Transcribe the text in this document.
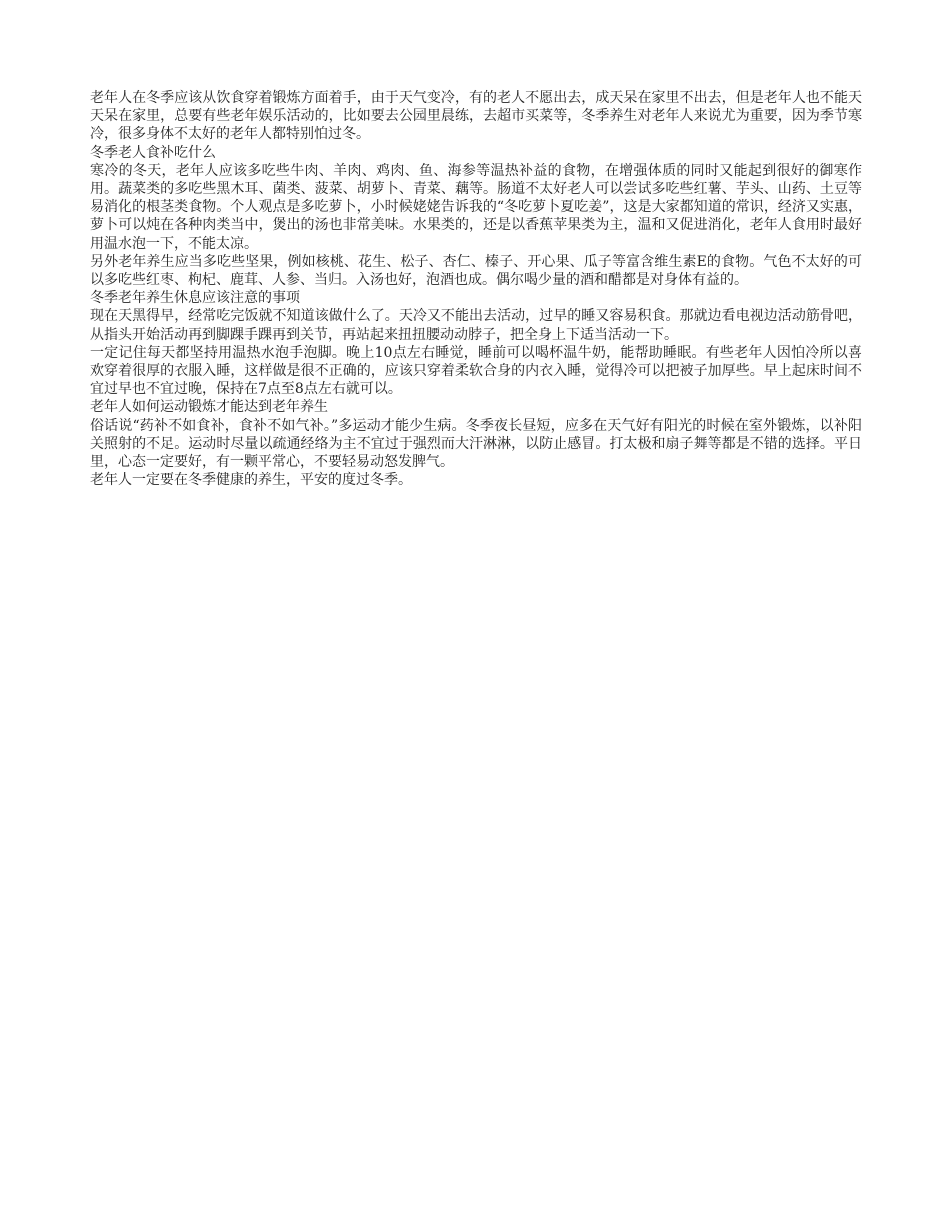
老年人在冬季应该从饮食穿着锻炼方面着手，由于天气变冷，有的老人不愿出去，成天呆在家里不出去，但是老年人也不能天天呆在家里，总要有些老年娱乐活动的，比如要去公园里晨练，去超市买菜等，冬季养生对老年人来说尤为重要，因为季节寒冷，很多身体不太好的老年人都特别怕过冬。

冬季老人食补吃什么

寒冷的冬天，老年人应该多吃些牛肉、羊肉、鸡肉、鱼、海参等温热补益的食物，在增强体质的同时又能起到很好的御寒作用。蔬菜类的多吃些黑木耳、菌类、菠菜、胡萝卜、青菜、藕等。肠道不太好老人可以尝试多吃些红薯、芋头、山药、土豆等易消化的根茎类食物。个人观点是多吃萝卜，小时候姥姥告诉我的“冬吃萝卜夏吃姜”，这是大家都知道的常识，经济又实惠，萝卜可以炖在各种肉类当中，煲出的汤也非常美味。水果类的，还是以香蕉苹果类为主，温和又促进消化，老年人食用时最好用温水泡一下，不能太凉。

另外老年养生应当多吃些坚果，例如核桃、花生、松子、杏仁、榛子、开心果、瓜子等富含维生素E的食物。气色不太好的可以多吃些红枣、枸杞、鹿茸、人参、当归。入汤也好，泡酒也成。偶尔喝少量的酒和醋都是对身体有益的。

冬季老年养生休息应该注意的事项

现在天黑得早，经常吃完饭就不知道该做什么了。天冷又不能出去活动，过早的睡又容易积食。那就边看电视边活动筋骨吧，从指头开始活动再到脚踝手踝再到关节，再站起来扭扭腰动动脖子，把全身上下适当活动一下。

一定记住每天都坚持用温热水泡手泡脚。晚上10点左右睡觉，睡前可以喝杯温牛奶，能帮助睡眠。有些老年人因怕冷所以喜欢穿着很厚的衣服入睡，这样做是很不正确的，应该只穿着柔软合身的内衣入睡，觉得冷可以把被子加厚些。早上起床时间不宜过早也不宜过晚，保持在7点至8点左右就可以。

老年人如何运动锻炼才能达到老年养生

俗话说“药补不如食补，食补不如气补。”多运动才能少生病。冬季夜长昼短，应多在天气好有阳光的时候在室外锻炼，以补阳关照射的不足。运动时尽量以疏通经络为主不宜过于强烈而大汗淋淋，以防止感冒。打太极和扇子舞等都是不错的选择。平日里，心态一定要好，有一颗平常心，不要轻易动怒发脾气。

老年人一定要在冬季健康的养生，平安的度过冬季。
